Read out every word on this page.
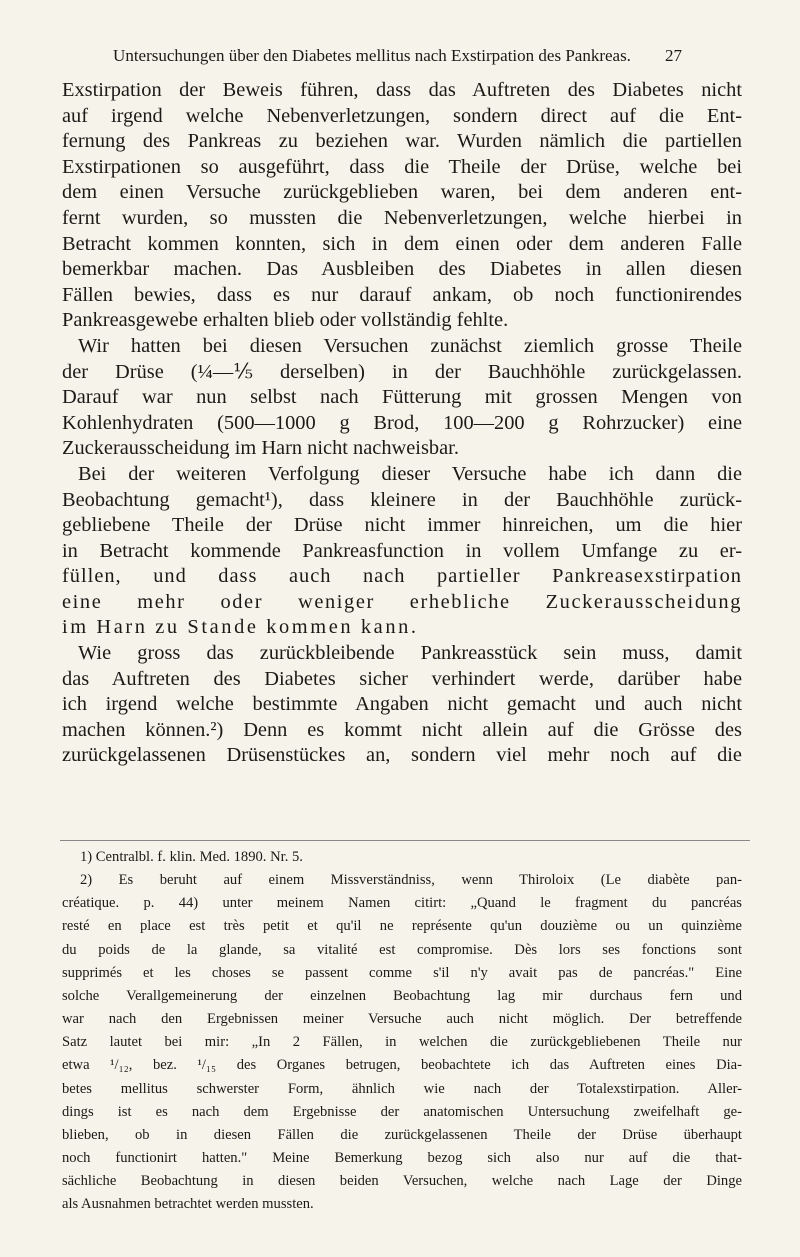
Untersuchungen über den Diabetes mellitus nach Exstirpation des Pankreas.	27
Exstirpation der Beweis führen, dass das Auftreten des Diabetes nicht
auf irgend welche Nebenverletzungen, sondern direct auf die Ent-
fernung des Pankreas zu beziehen war. Wurden nämlich die partiellen
Exstirpationen so ausgeführt, dass die Theile der Drüse, welche bei
dem einen Versuche zurückgeblieben waren, bei dem anderen ent-
fernt wurden, so mussten die Nebenverletzungen, welche hierbei in
Betracht kommen konnten, sich in dem einen oder dem anderen Falle
bemerkbar machen. Das Ausbleiben des Diabetes in allen diesen
Fällen bewies, dass es nur darauf ankam, ob noch functionirendes
Pankreasgewebe erhalten blieb oder vollständig fehlte.
Wir hatten bei diesen Versuchen zunächst ziemlich grosse Theile
der Drüse (¼—⅕ derselben) in der Bauchhöhle zurückgelassen.
Darauf war nun selbst nach Fütterung mit grossen Mengen von
Kohlenhydraten (500—1000 g Brod, 100—200 g Rohrzucker) eine
Zuckerausscheidung im Harn nicht nachweisbar.
Bei der weiteren Verfolgung dieser Versuche habe ich dann die
Beobachtung gemacht¹), dass kleinere in der Bauchhöhle zurück-
gebliebene Theile der Drüse nicht immer hinreichen, um die hier
in Betracht kommende Pankreasfunction in vollem Umfange zu er-
füllen, und dass auch nach partieller Pankreasexstirpation
eine mehr oder weniger erhebliche Zuckerausscheidung
im Harn zu Stande kommen kann.
Wie gross das zurückbleibende Pankreasstück sein muss, damit
das Auftreten des Diabetes sicher verhindert werde, darüber habe
ich irgend welche bestimmte Angaben nicht gemacht und auch nicht
machen können.²) Denn es kommt nicht allein auf die Grösse des
zurückgelassenen Drüsenstückes an, sondern viel mehr noch auf die
1) Centralbl. f. klin. Med. 1890. Nr. 5.
2) Es beruht auf einem Missverständniss, wenn Thiroloix (Le diabète pan-
créatique. p. 44) unter meinem Namen citirt: „Quand le fragment du pancréas
resté en place est très petit et qu'il ne représente qu'un douzième ou un quinzième
du poids de la glande, sa vitalité est compromise. Dès lors ses fonctions sont
supprimés et les choses se passent comme s'il n'y avait pas de pancréas." Eine
solche Verallgemeinerung der einzelnen Beobachtung lag mir durchaus fern und
war nach den Ergebnissen meiner Versuche auch nicht möglich. Der betreffende
Satz lautet bei mir: „In 2 Fällen, in welchen die zurückgebliebenen Theile nur
etwa ¹/₁₂, bez. ¹/₁₅ des Organes betrugen, beobachtete ich das Auftreten eines Dia-
betes mellitus schwerster Form, ähnlich wie nach der Totalexstirpation. Aller-
dings ist es nach dem Ergebnisse der anatomischen Untersuchung zweifelhaft ge-
blieben, ob in diesen Fällen die zurückgelassenen Theile der Drüse überhaupt
noch functionirt hatten." Meine Bemerkung bezog sich also nur auf die that-
sächliche Beobachtung in diesen beiden Versuchen, welche nach Lage der Dinge
als Ausnahmen betrachtet werden mussten.
